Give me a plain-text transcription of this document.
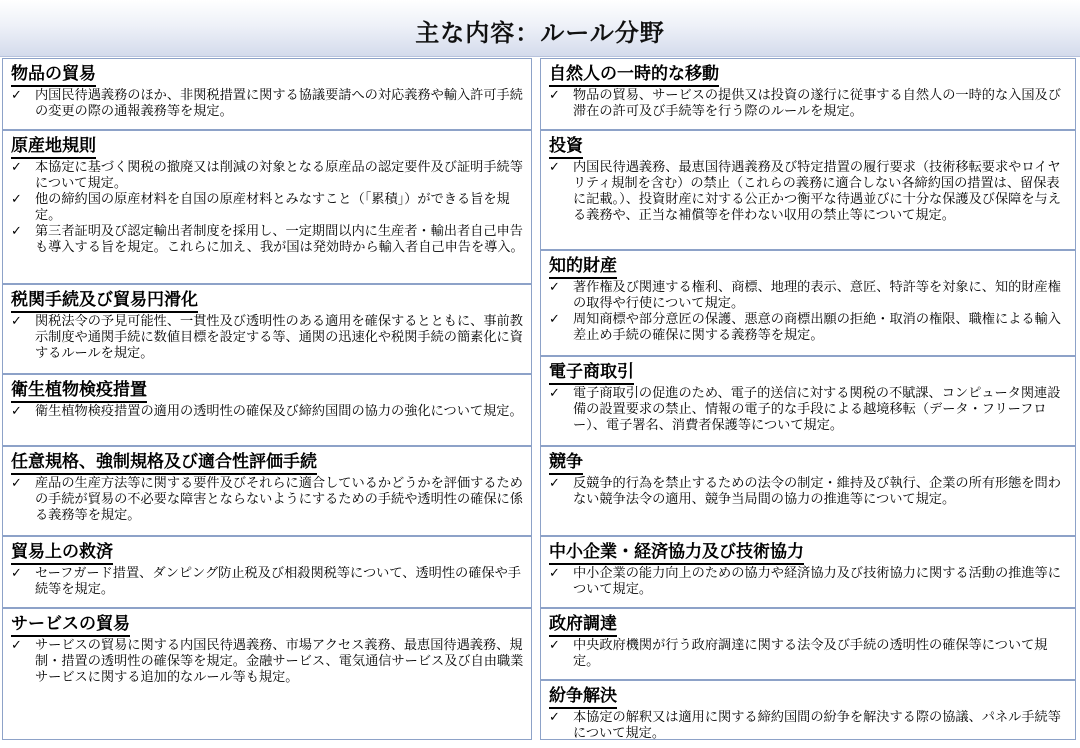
主な内容：ルール分野
物品の貿易
✓ 内国民待遇義務のほか、非関税措置に関する協議要請への対応義務や輸入許可手続の変更の際の通報義務等を規定。
原産地規則
✓ 本協定に基づく関税の撤廃又は削減の対象となる原産品の認定要件及び証明手続等について規定。
✓ 他の締約国の原産材料を自国の原産材料とみなすこと（「累積」）ができる旨を規定。
✓ 第三者証明及び認定輸出者制度を採用し、一定期間以内に生産者・輸出者自己申告も導入する旨を規定。これらに加え、我が国は発効時から輸入者自己申告を導入。
税関手続及び貿易円滑化
✓ 関税法令の予見可能性、一貫性及び透明性のある適用を確保するとともに、事前教示制度や通関手続に数値目標を設定する等、通関の迅速化や税関手続の簡素化に資するルールを規定。
衛生植物検疫措置
✓ 衛生植物検疫措置の適用の透明性の確保及び締約国間の協力の強化について規定。
任意規格、強制規格及び適合性評価手続
✓ 産品の生産方法等に関する要件及びそれらに適合しているかどうかを評価するための手続が貿易の不必要な障害とならないようにするための手続や透明性の確保に係る義務等を規定。
貿易上の救済
✓ セーフガード措置、ダンピング防止税及び相殺関税等について、透明性の確保や手続等を規定。
サービスの貿易
✓ サービスの貿易に関する内国民待遇義務、市場アクセス義務、最恵国待遇義務、規制・措置の透明性の確保等を規定。金融サービス、電気通信サービス及び自由職業サービスに関する追加的なルール等も規定。
自然人の一時的な移動
✓ 物品の貿易、サービスの提供又は投資の遂行に従事する自然人の一時的な入国及び滞在の許可及び手続等を行う際のルールを規定。
投資
✓ 内国民待遇義務、最恵国待遇義務及び特定措置の履行要求（技術移転要求やロイヤリティ規制を含む）の禁止（これらの義務に適合しない各締約国の措置は、留保表に記載。）、投資財産に対する公正かつ衡平な待遇並びに十分な保護及び保障を与える義務や、正当な補償等を伴わない収用の禁止等について規定。
知的財産
✓ 著作権及び関連する権利、商標、地理的表示、意匠、特許等を対象に、知的財産権の取得や行使について規定。
✓ 周知商標や部分意匠の保護、悪意の商標出願の拒絶・取消の権限、職権による輸入差止め手続の確保に関する義務等を規定。
電子商取引
✓ 電子商取引の促進のため、電子的送信に対する関税の不賦課、コンピュータ関連設備の設置要求の禁止、情報の電子的な手段による越境移転（データ・フリーフロー）、電子署名、消費者保護等について規定。
競争
✓ 反競争的行為を禁止するための法令の制定・維持及び執行、企業の所有形態を問わない競争法令の適用、競争当局間の協力の推進等について規定。
中小企業・経済協力及び技術協力
✓ 中小企業の能力向上のための協力や経済協力及び技術協力に関する活動の推進等について規定。
政府調達
✓ 中央政府機関が行う政府調達に関する法令及び手続の透明性の確保等について規定。
紛争解決
✓ 本協定の解釈又は適用に関する締約国間の紛争を解決する際の協議、パネル手続等について規定。
